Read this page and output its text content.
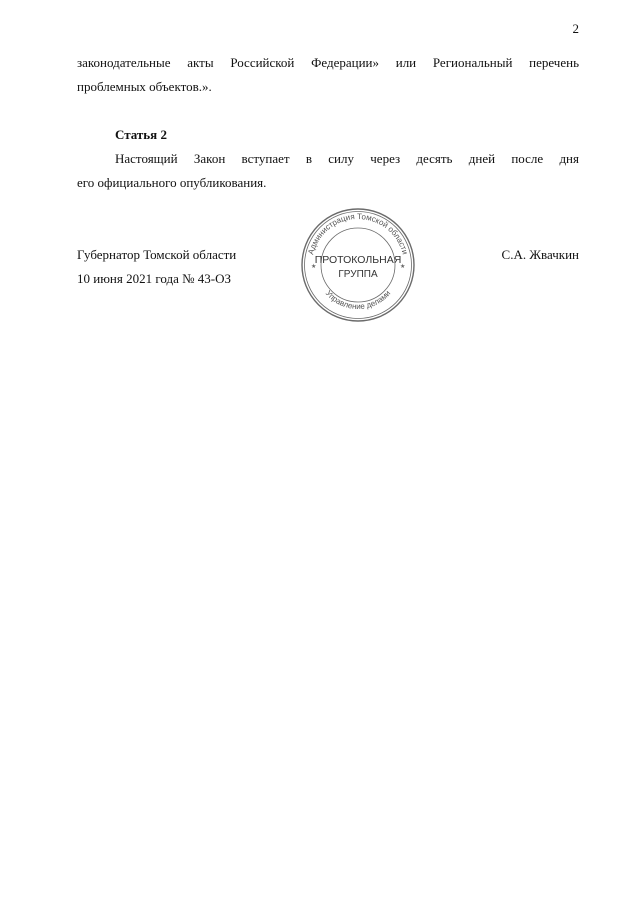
2
законодательные акты Российской Федерации» или Региональный перечень
проблемных объектов.».
Статья 2
Настоящий Закон вступает в силу через десять дней после дня
его официального опубликования.
Губернатор Томской области
10 июня 2021 года № 43-ОЗ
С.А. Жвачкин
Администрация Томской области
Управление делами
★	★
ПРОТОКОЛЬНАЯ
ГРУППА
